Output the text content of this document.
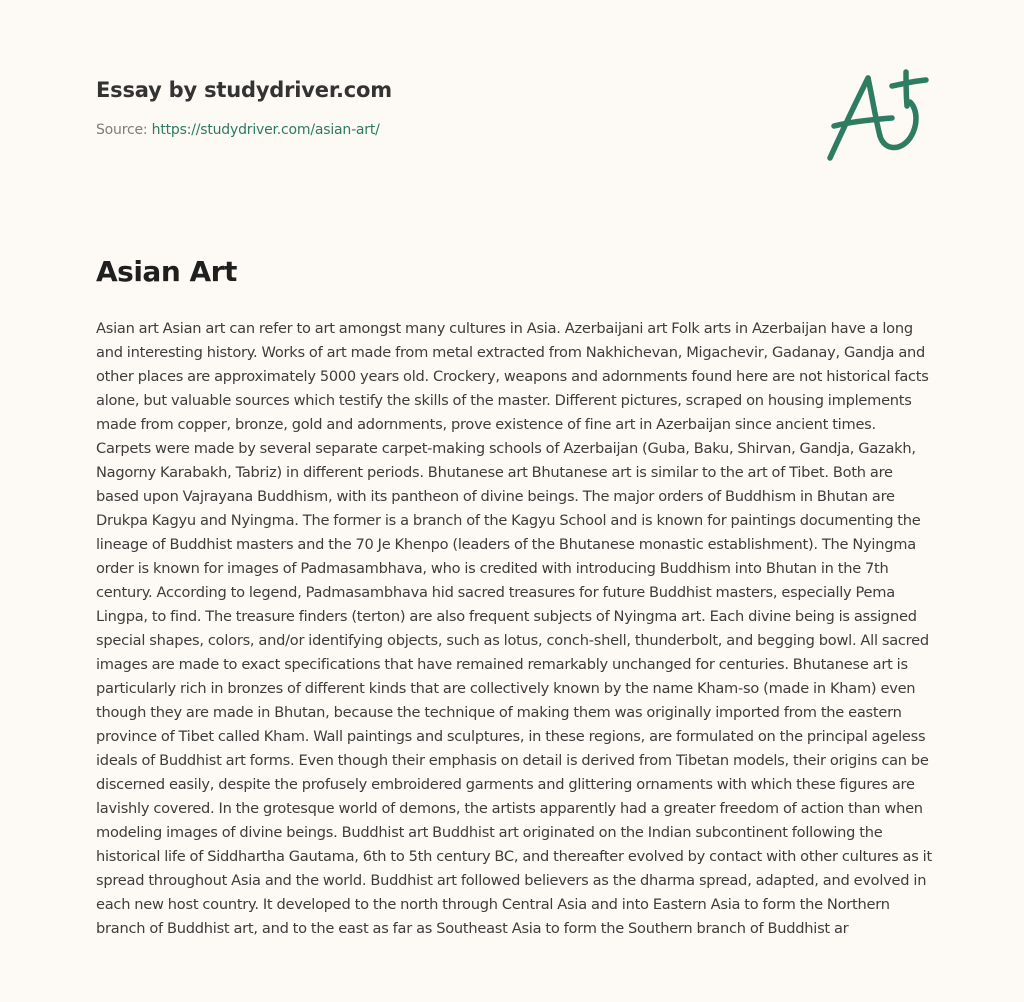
Essay by studydriver.com
Source: https://studydriver.com/asian-art/
Asian Art

Asian art Asian art can refer to art amongst many cultures in Asia. Azerbaijani art Folk arts in Azerbaijan have a long and interesting history. Works of art made from metal extracted from Nakhichevan, Migachevir, Gadanay, Gandja and other places are approximately 5000 years old. Crockery, weapons and adornments found here are not historical facts alone, but valuable sources which testify the skills of the master. Different pictures, scraped on housing implements made from copper, bronze, gold and adornments, prove existence of fine art in Azerbaijan since ancient times. Carpets were made by several separate carpet-making schools of Azerbaijan (Guba, Baku, Shirvan, Gandja, Gazakh, Nagorny Karabakh, Tabriz) in different periods. Bhutanese art Bhutanese art is similar to the art of Tibet. Both are based upon Vajrayana Buddhism, with its pantheon of divine beings. The major orders of Buddhism in Bhutan are Drukpa Kagyu and Nyingma. The former is a branch of the Kagyu School and is known for paintings documenting the lineage of Buddhist masters and the 70 Je Khenpo (leaders of the Bhutanese monastic establishment). The Nyingma order is known for images of Padmasambhava, who is credited with introducing Buddhism into Bhutan in the 7th century. According to legend, Padmasambhava hid sacred treasures for future Buddhist masters, especially Pema Lingpa, to find. The treasure finders (terton) are also frequent subjects of Nyingma art. Each divine being is assigned special shapes, colors, and/or identifying objects, such as lotus, conch-shell, thunderbolt, and begging bowl. All sacred images are made to exact specifications that have remained remarkably unchanged for centuries. Bhutanese art is particularly rich in bronzes of different kinds that are collectively known by the name Kham-so (made in Kham) even though they are made in Bhutan, because the technique of making them was originally imported from the eastern province of Tibet called Kham. Wall paintings and sculptures, in these regions, are formulated on the principal ageless ideals of Buddhist art forms. Even though their emphasis on detail is derived from Tibetan models, their origins can be discerned easily, despite the profusely embroidered garments and glittering ornaments with which these figures are lavishly covered. In the grotesque world of demons, the artists apparently had a greater freedom of action than when modeling images of divine beings. Buddhist art Buddhist art originated on the Indian subcontinent following the historical life of Siddhartha Gautama, 6th to 5th century BC, and thereafter evolved by contact with other cultures as it spread throughout Asia and the world. Buddhist art followed believers as the dharma spread, adapted, and evolved in each new host country. It developed to the north through Central Asia and into Eastern Asia to form the Northern branch of Buddhist art, and to the east as far as Southeast Asia to form the Southern branch of Buddhist ar
